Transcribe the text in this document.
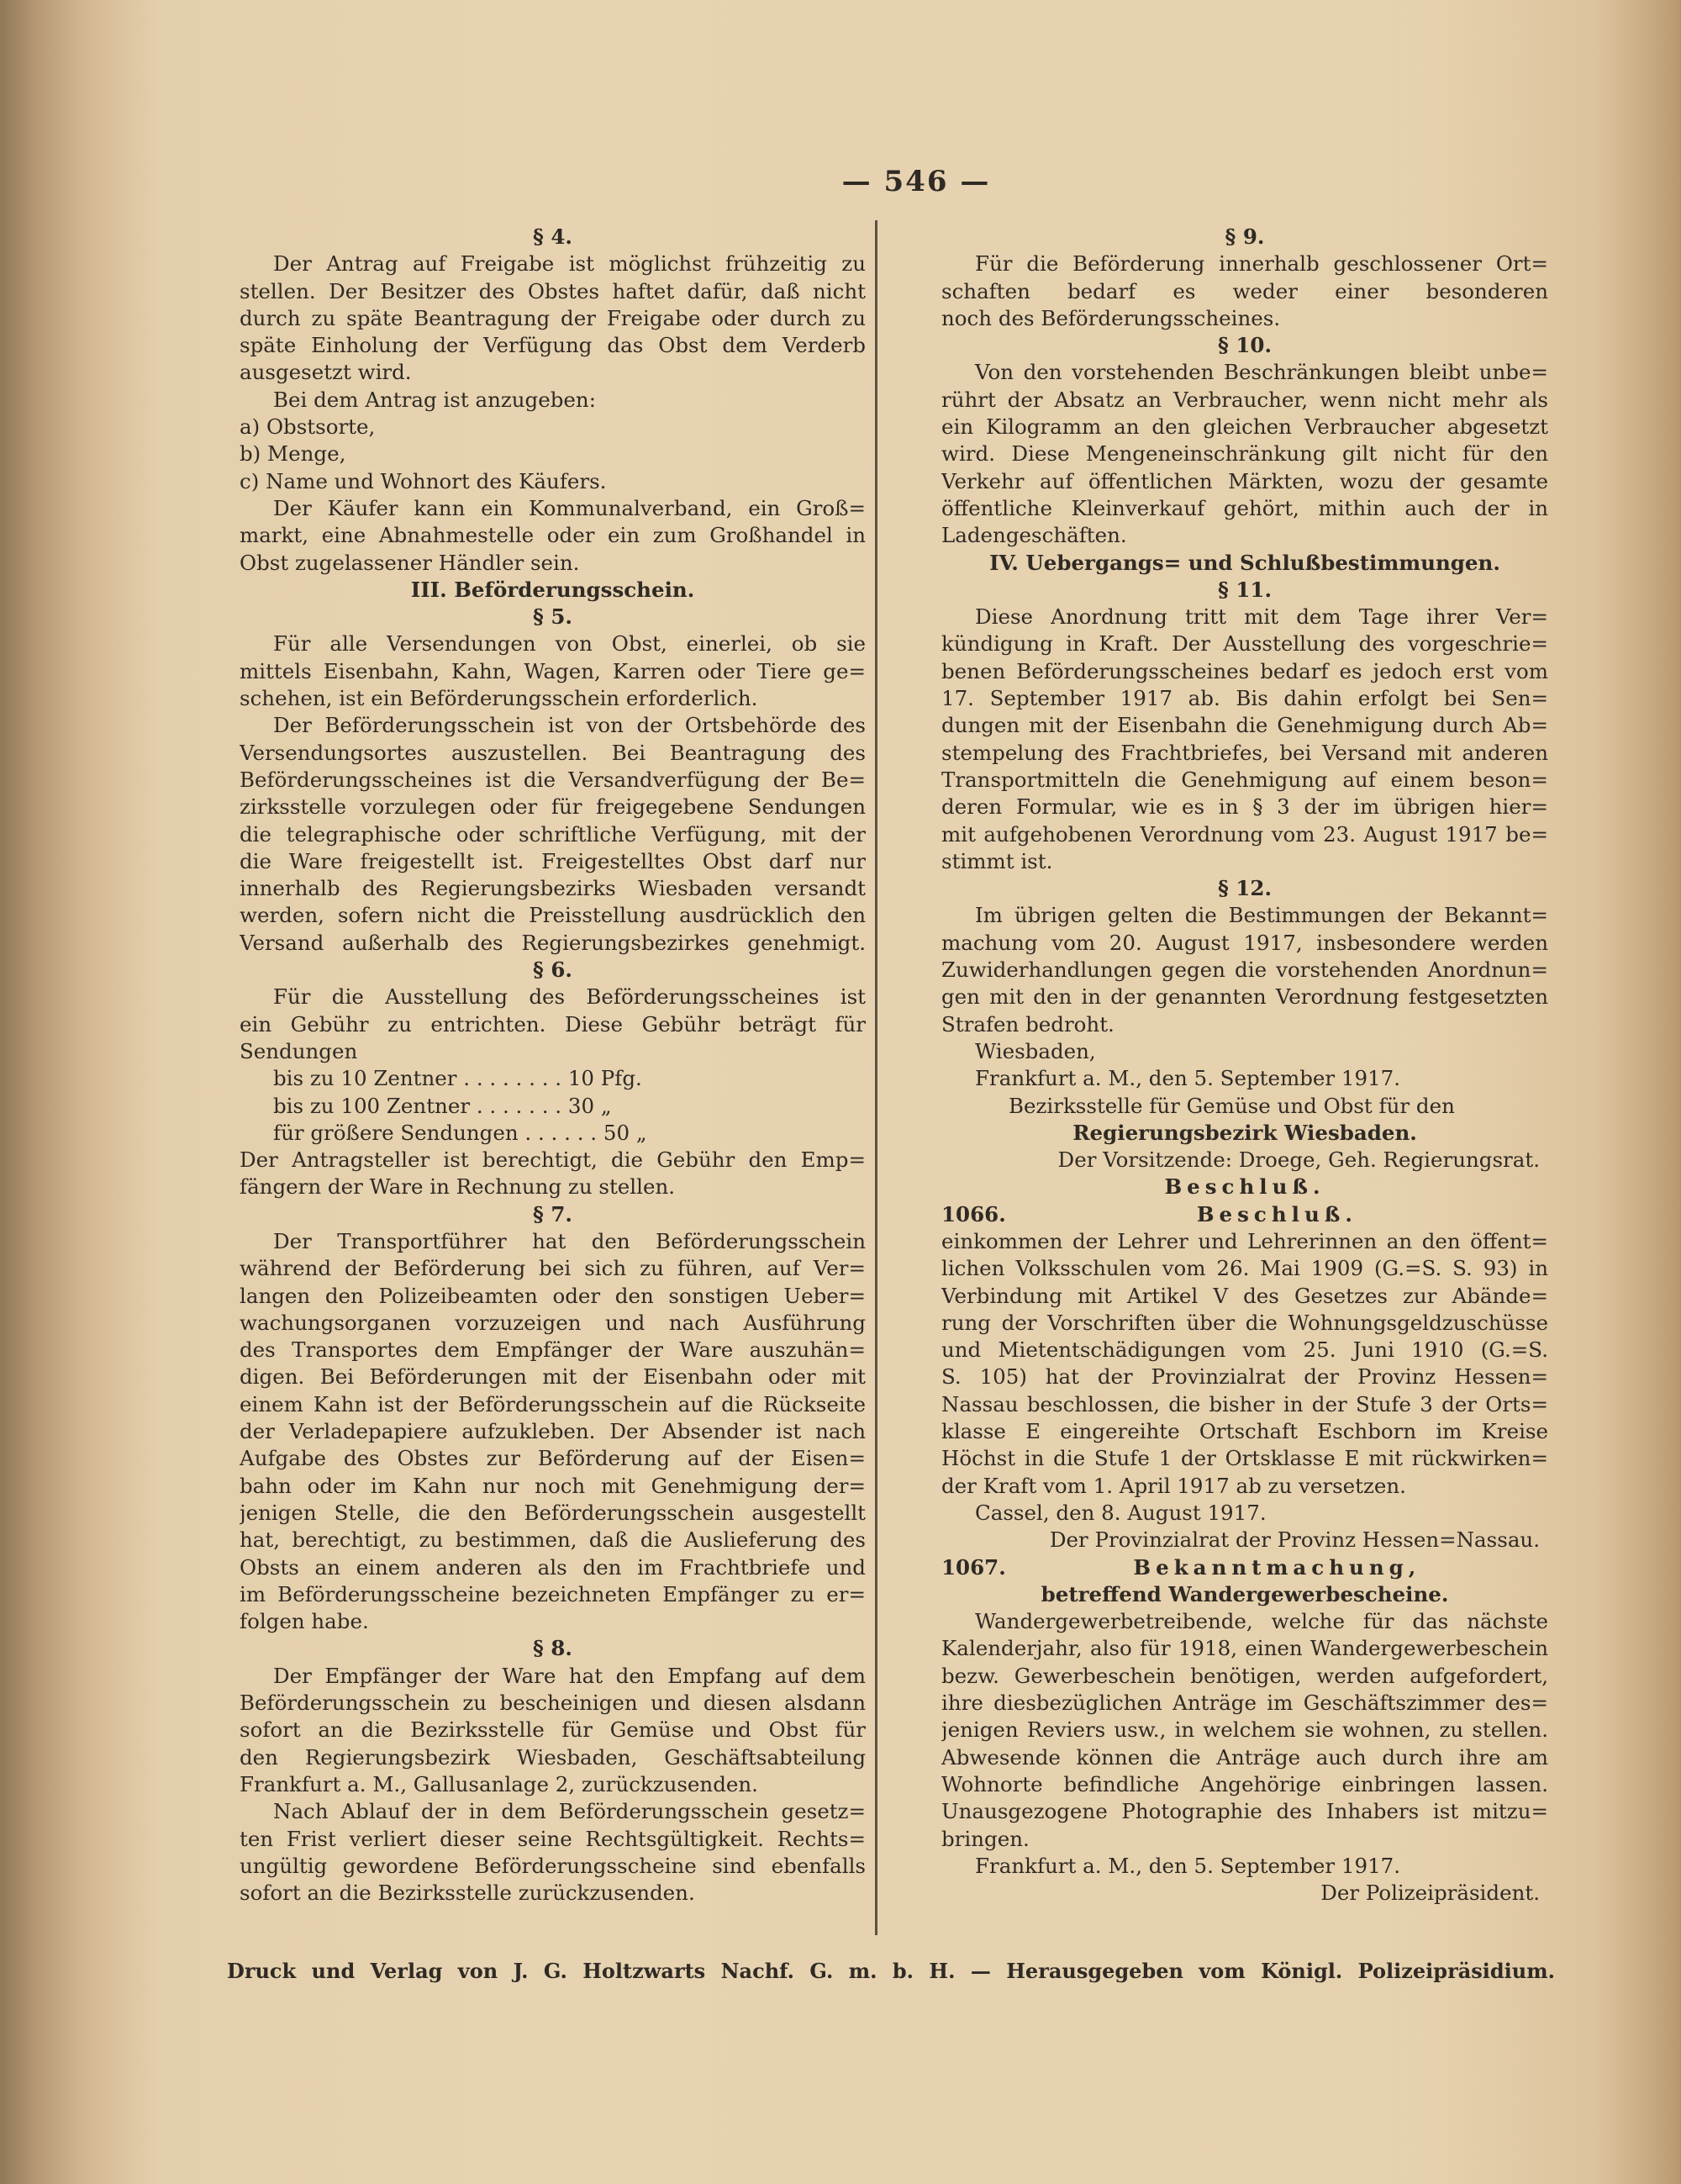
— 546 —
§ 4.
Der Antrag auf Freigabe ist möglichst frühzeitig zu
stellen. Der Besitzer des Obstes haftet dafür, daß nicht
durch zu späte Beantragung der Freigabe oder durch zu
späte Einholung der Verfügung das Obst dem Verderb
ausgesetzt wird.
Bei dem Antrag ist anzugeben:
a) Obstsorte,
b) Menge,
c) Name und Wohnort des Käufers.
Der Käufer kann ein Kommunalverband, ein Groß=
markt, eine Abnahmestelle oder ein zum Großhandel in
Obst zugelassener Händler sein.
III. Beförderungsschein.
§ 5.
Für alle Versendungen von Obst, einerlei, ob sie
mittels Eisenbahn, Kahn, Wagen, Karren oder Tiere ge=
schehen, ist ein Beförderungsschein erforderlich.
Der Beförderungsschein ist von der Ortsbehörde des
Versendungsortes auszustellen. Bei Beantragung des
Beförderungsscheines ist die Versandverfügung der Be=
zirksstelle vorzulegen oder für freigegebene Sendungen
die telegraphische oder schriftliche Verfügung, mit der
die Ware freigestellt ist. Freigestelltes Obst darf nur
innerhalb des Regierungsbezirks Wiesbaden versandt
werden, sofern nicht die Preisstellung ausdrücklich den
Versand außerhalb des Regierungsbezirkes genehmigt.
§ 6.
Für die Ausstellung des Beförderungsscheines ist
ein Gebühr zu entrichten. Diese Gebühr beträgt für
Sendungen
bis zu 10 Zentner . . . . . . . . 10 Pfg.
bis zu 100 Zentner . . . . . . . 30 „
für größere Sendungen . . . . . . 50 „
Der Antragsteller ist berechtigt, die Gebühr den Emp=
fängern der Ware in Rechnung zu stellen.
§ 7.
Der Transportführer hat den Beförderungsschein
während der Beförderung bei sich zu führen, auf Ver=
langen den Polizeibeamten oder den sonstigen Ueber=
wachungsorganen vorzuzeigen und nach Ausführung
des Transportes dem Empfänger der Ware auszuhän=
digen. Bei Beförderungen mit der Eisenbahn oder mit
einem Kahn ist der Beförderungsschein auf die Rückseite
der Verladepapiere aufzukleben. Der Absender ist nach
Aufgabe des Obstes zur Beförderung auf der Eisen=
bahn oder im Kahn nur noch mit Genehmigung der=
jenigen Stelle, die den Beförderungsschein ausgestellt
hat, berechtigt, zu bestimmen, daß die Auslieferung des
Obsts an einem anderen als den im Frachtbriefe und
im Beförderungsscheine bezeichneten Empfänger zu er=
folgen habe.
§ 8.
Der Empfänger der Ware hat den Empfang auf dem
Beförderungsschein zu bescheinigen und diesen alsdann
sofort an die Bezirksstelle für Gemüse und Obst für
den Regierungsbezirk Wiesbaden, Geschäftsabteilung
Frankfurt a. M., Gallusanlage 2, zurückzusenden.
Nach Ablauf der in dem Beförderungsschein gesetz=
ten Frist verliert dieser seine Rechtsgültigkeit. Rechts=
ungültig gewordene Beförderungsscheine sind ebenfalls
sofort an die Bezirksstelle zurückzusenden.
§ 9.
Für die Beförderung innerhalb geschlossener Ort=
schaften bedarf es weder einer besonderen
noch des Beförderungsscheines.
§ 10.
Von den vorstehenden Beschränkungen bleibt unbe=
rührt der Absatz an Verbraucher, wenn nicht mehr als
ein Kilogramm an den gleichen Verbraucher abgesetzt
wird. Diese Mengeneinschränkung gilt nicht für den
Verkehr auf öffentlichen Märkten, wozu der gesamte
öffentliche Kleinverkauf gehört, mithin auch der in
Ladengeschäften.
IV. Uebergangs= und Schlußbestimmungen.
§ 11.
Diese Anordnung tritt mit dem Tage ihrer Ver=
kündigung in Kraft. Der Ausstellung des vorgeschrie=
benen Beförderungsscheines bedarf es jedoch erst vom
17. September 1917 ab. Bis dahin erfolgt bei Sen=
dungen mit der Eisenbahn die Genehmigung durch Ab=
stempelung des Frachtbriefes, bei Versand mit anderen
Transportmitteln die Genehmigung auf einem beson=
deren Formular, wie es in § 3 der im übrigen hier=
mit aufgehobenen Verordnung vom 23. August 1917 be=
stimmt ist.
§ 12.
Im übrigen gelten die Bestimmungen der Bekannt=
machung vom 20. August 1917, insbesondere werden
Zuwiderhandlungen gegen die vorstehenden Anordnun=
gen mit den in der genannten Verordnung festgesetzten
Strafen bedroht.
Wiesbaden,
Frankfurt a. M., den 5. September 1917.
Bezirksstelle für Gemüse und Obst für den
Regierungsbezirk Wiesbaden.
Der Vorsitzende: Droege, Geh. Regierungsrat.
Beschluß.
1066.	Beschluß.
einkommen der Lehrer und Lehrerinnen an den öffent=
lichen Volksschulen vom 26. Mai 1909 (G.=S. S. 93) in
Verbindung mit Artikel V des Gesetzes zur Abände=
rung der Vorschriften über die Wohnungsgeldzuschüsse
und Mietentschädigungen vom 25. Juni 1910 (G.=S.
S. 105) hat der Provinzialrat der Provinz Hessen=
Nassau beschlossen, die bisher in der Stufe 3 der Orts=
klasse E eingereihte Ortschaft Eschborn im Kreise
Höchst in die Stufe 1 der Ortsklasse E mit rückwirken=
der Kraft vom 1. April 1917 ab zu versetzen.
Cassel, den 8. August 1917.
Der Provinzialrat der Provinz Hessen=Nassau.
1067.	Bekanntmachung,
betreffend Wandergewerbescheine.
Wandergewerbetreibende, welche für das nächste
Kalenderjahr, also für 1918, einen Wandergewerbeschein
bezw. Gewerbeschein benötigen, werden aufgefordert,
ihre diesbezüglichen Anträge im Geschäftszimmer des=
jenigen Reviers usw., in welchem sie wohnen, zu stellen.
Abwesende können die Anträge auch durch ihre am
Wohnorte befindliche Angehörige einbringen lassen.
Unausgezogene Photographie des Inhabers ist mitzu=
bringen.
Frankfurt a. M., den 5. September 1917.
Der Polizeipräsident.
Druck und Verlag von J. G. Holtzwarts Nachf. G. m. b. H. — Herausgegeben vom Königl. Polizeipräsidium.
